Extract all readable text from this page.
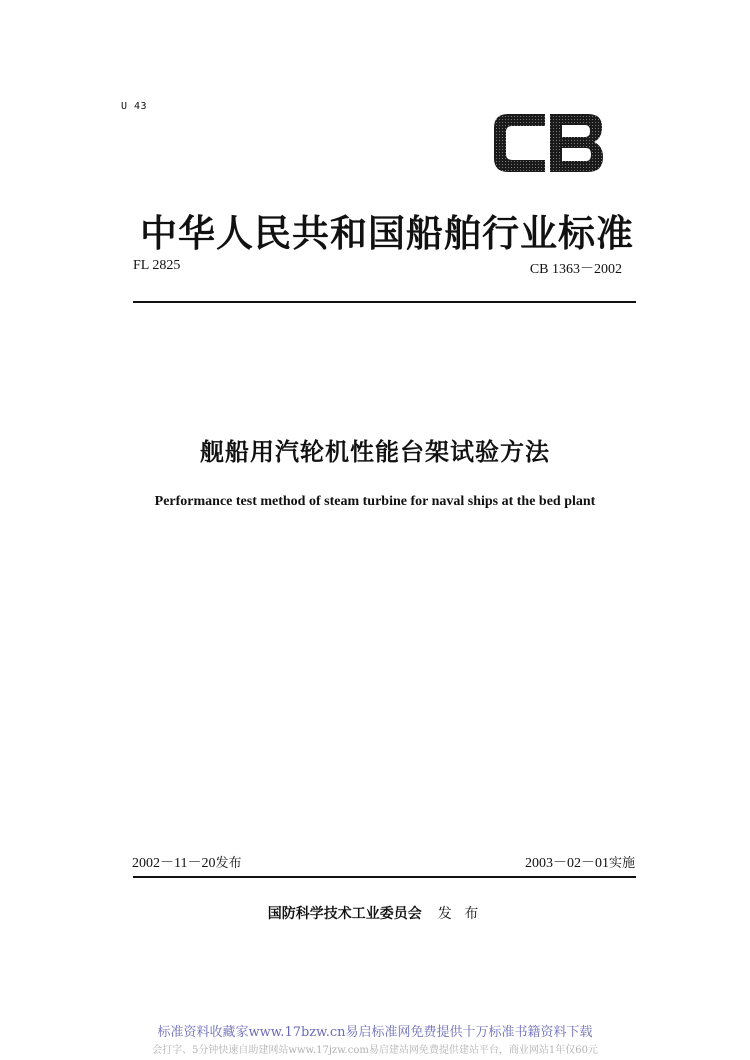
U 43
中华人民共和国船舶行业标准
FL 2825	CB 1363－2002
舰船用汽轮机性能台架试验方法
Performance test method of steam turbine for naval ships at the bed plant
2002－11－20发布	2003－02－01实施
国防科学技术工业委员会 发 布
标准资料收藏家www.17bzw.cn易启标准网免费提供十万标准书籍资料下载
会打字、5分钟快速自助建网站www.17jzw.com易启建站网免费提供建站平台，商业网站1年仅60元
